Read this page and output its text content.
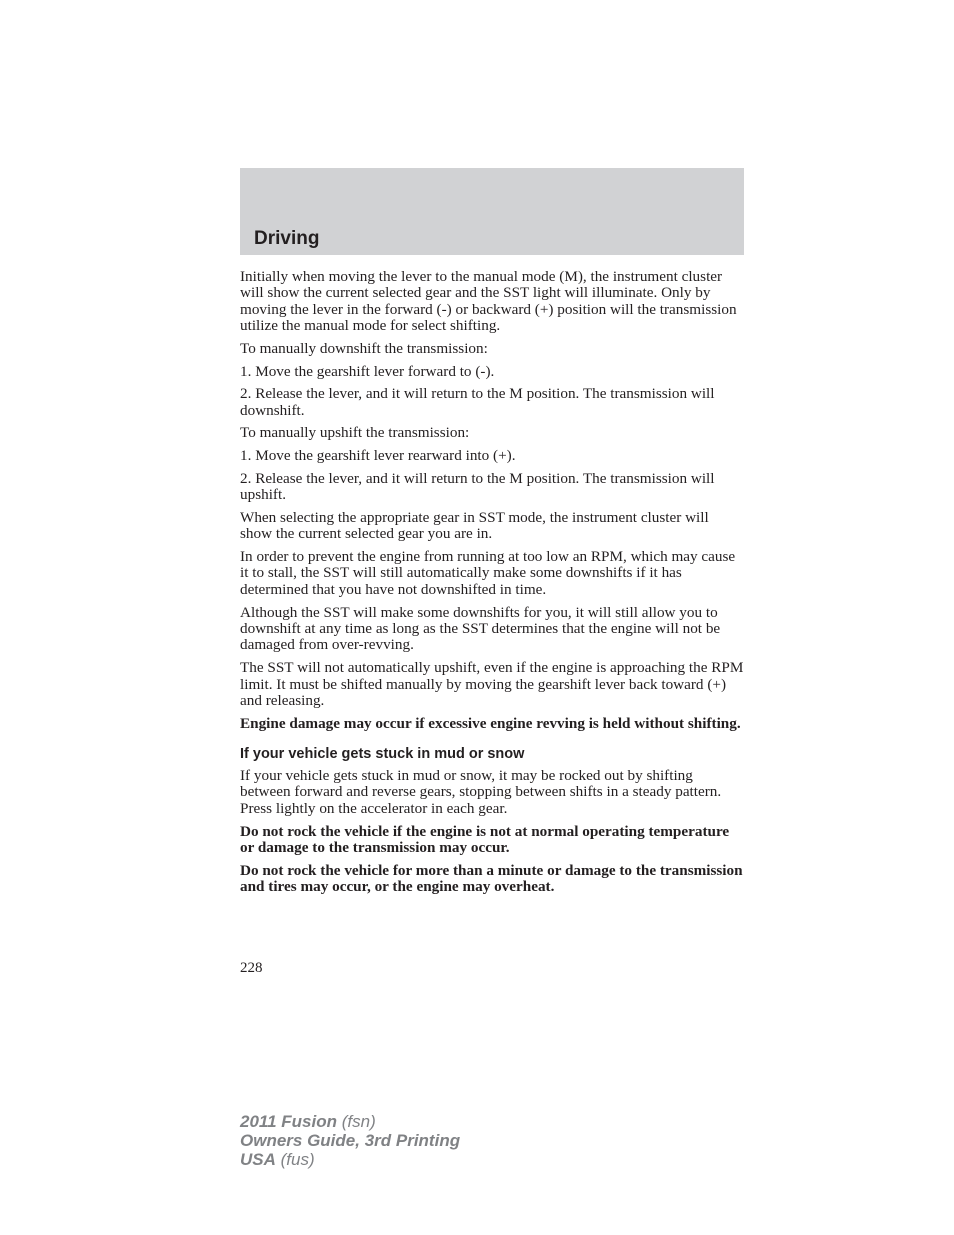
Driving

Initially when moving the lever to the manual mode (M), the instrument cluster will show the current selected gear and the SST light will illuminate. Only by moving the lever in the forward (-) or backward (+) position will the transmission utilize the manual mode for select shifting.

To manually downshift the transmission:

1. Move the gearshift lever forward to (-).

2. Release the lever, and it will return to the M position. The transmission will downshift.

To manually upshift the transmission:

1. Move the gearshift lever rearward into (+).

2. Release the lever, and it will return to the M position. The transmission will upshift.

When selecting the appropriate gear in SST mode, the instrument cluster will show the current selected gear you are in.

In order to prevent the engine from running at too low an RPM, which may cause it to stall, the SST will still automatically make some downshifts if it has determined that you have not downshifted in time.

Although the SST will make some downshifts for you, it will still allow you to downshift at any time as long as the SST determines that the engine will not be damaged from over-revving.

The SST will not automatically upshift, even if the engine is approaching the RPM limit. It must be shifted manually by moving the gearshift lever back toward (+) and releasing.

Engine damage may occur if excessive engine revving is held without shifting.

If your vehicle gets stuck in mud or snow

If your vehicle gets stuck in mud or snow, it may be rocked out by shifting between forward and reverse gears, stopping between shifts in a steady pattern. Press lightly on the accelerator in each gear.

Do not rock the vehicle if the engine is not at normal operating temperature or damage to the transmission may occur.

Do not rock the vehicle for more than a minute or damage to the transmission and tires may occur, or the engine may overheat.

228
2011 Fusion (fsn)
Owners Guide, 3rd Printing
USA (fus)
